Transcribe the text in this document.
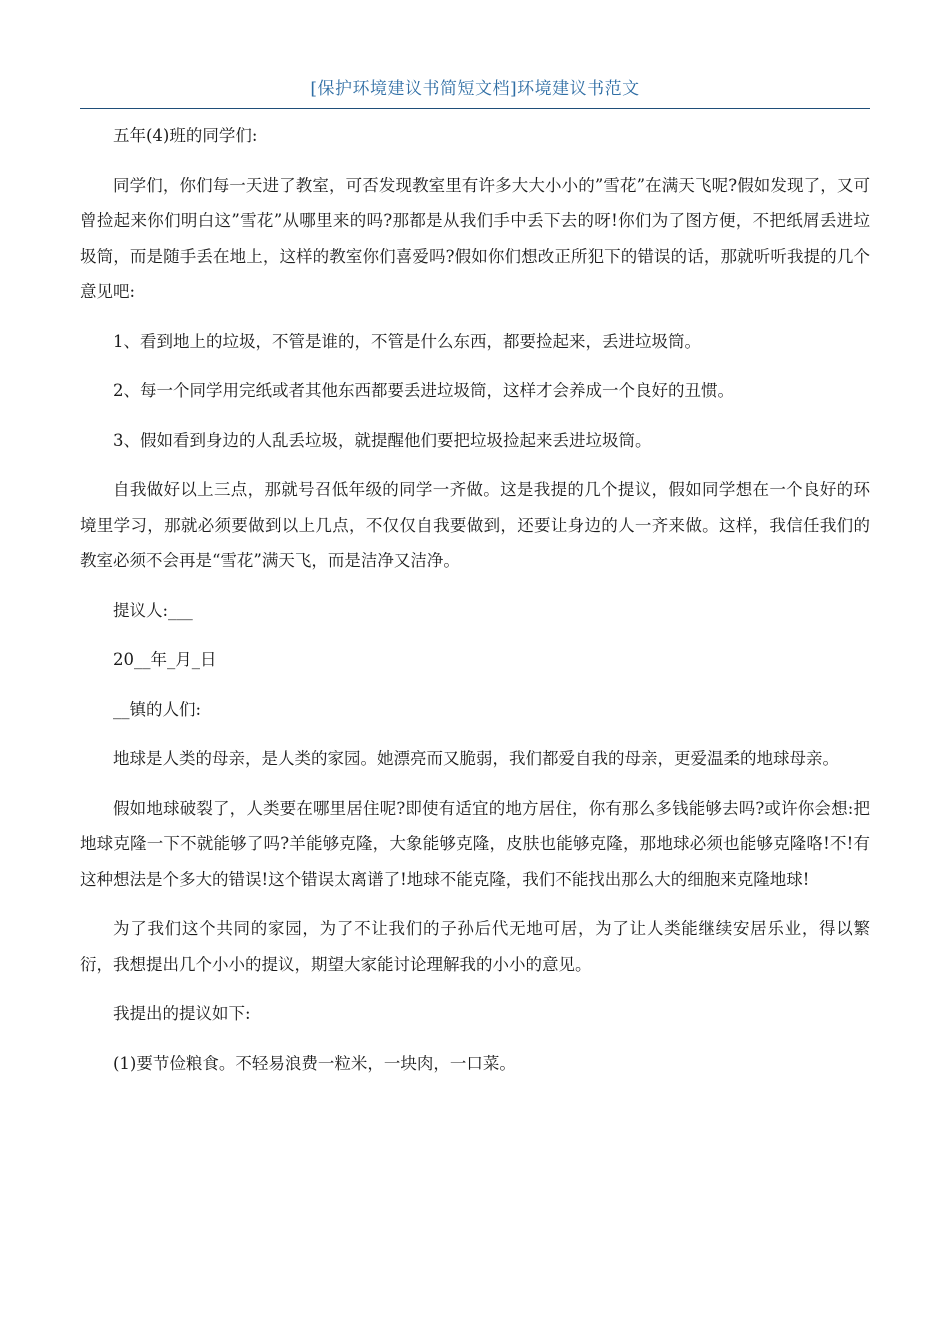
[保护环境建议书简短文档]环境建议书范文

五年(4)班的同学们:

同学们，你们每一天进了教室，可否发现教室里有许多大大小小的”雪花”在满天飞呢?假如发现了，又可曾捡起来你们明白这”雪花”从哪里来的吗?那都是从我们手中丢下去的呀!你们为了图方便，不把纸屑丢进垃圾筒，而是随手丢在地上，这样的教室你们喜爱吗?假如你们想改正所犯下的错误的话，那就听听我提的几个意见吧:

1、看到地上的垃圾，不管是谁的，不管是什么东西，都要捡起来，丢进垃圾筒。

2、每一个同学用完纸或者其他东西都要丢进垃圾筒，这样才会养成一个良好的丑惯。

3、假如看到身边的人乱丢垃圾，就提醒他们要把垃圾捡起来丢进垃圾筒。

自我做好以上三点，那就号召低年级的同学一齐做。这是我提的几个提议，假如同学想在一个良好的环境里学习，那就必须要做到以上几点，不仅仅自我要做到，还要让身边的人一齐来做。这样，我信任我们的教室必须不会再是“雪花”满天飞，而是洁净又洁净。

提议人:___

20__年_月_日

__镇的人们:

地球是人类的母亲，是人类的家园。她漂亮而又脆弱，我们都爱自我的母亲，更爱温柔的地球母亲。

假如地球破裂了，人类要在哪里居住呢?即使有适宜的地方居住，你有那么多钱能够去吗?或许你会想:把地球克隆一下不就能够了吗?羊能够克隆，大象能够克隆，皮肤也能够克隆，那地球必须也能够克隆咯!不!有这种想法是个多大的错误!这个错误太离谱了!地球不能克隆，我们不能找出那么大的细胞来克隆地球!

为了我们这个共同的家园，为了不让我们的子孙后代无地可居，为了让人类能继续安居乐业，得以繁衍，我想提出几个小小的提议，期望大家能讨论理解我的小小的意见。

我提出的提议如下:

(1)要节俭粮食。不轻易浪费一粒米，一块肉，一口菜。
